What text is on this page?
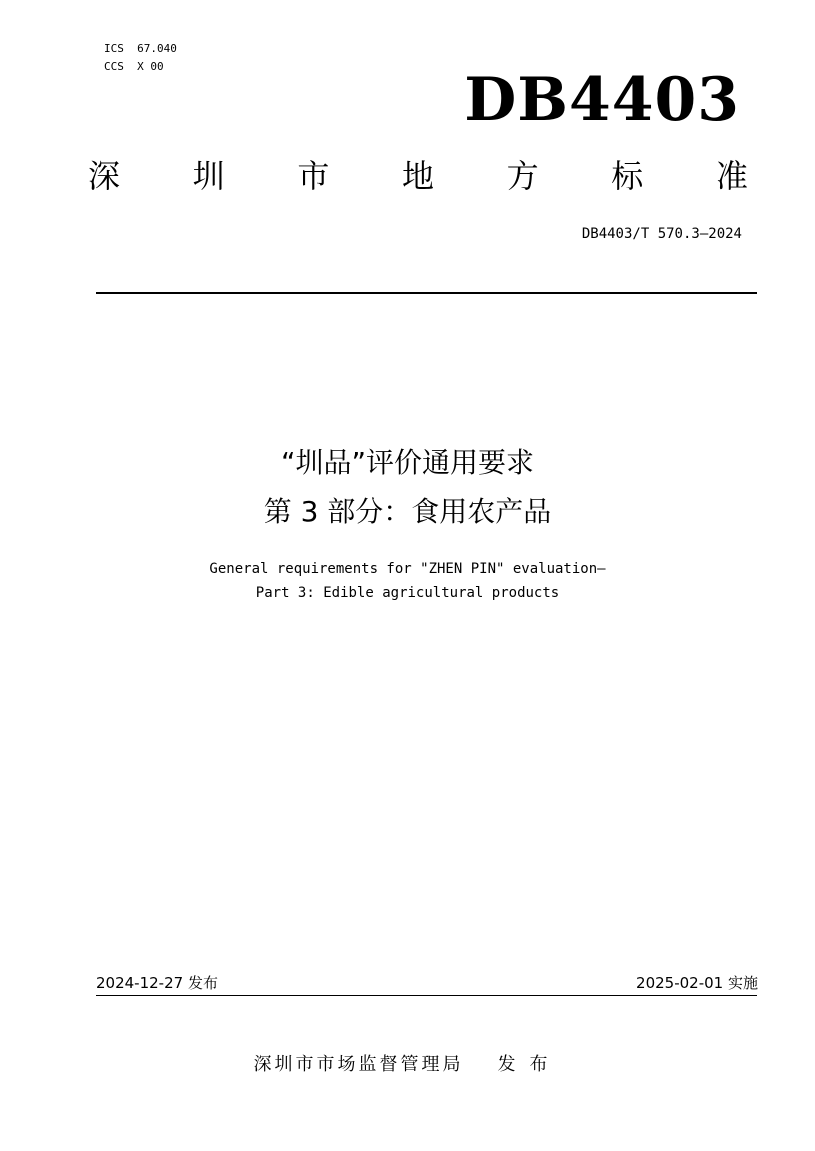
ICS  67.040
CCS  X 00	DB4403
深 圳 市 地 方 标 准
DB4403/T 570.3—2024
“圳品”评价通用要求
第 3 部分：食用农产品
General requirements for "ZHEN PIN" evaluation—
Part 3: Edible agricultural products
2024-12-27 发布	2025-02-01 实施
深圳市市场监督管理局 发布
